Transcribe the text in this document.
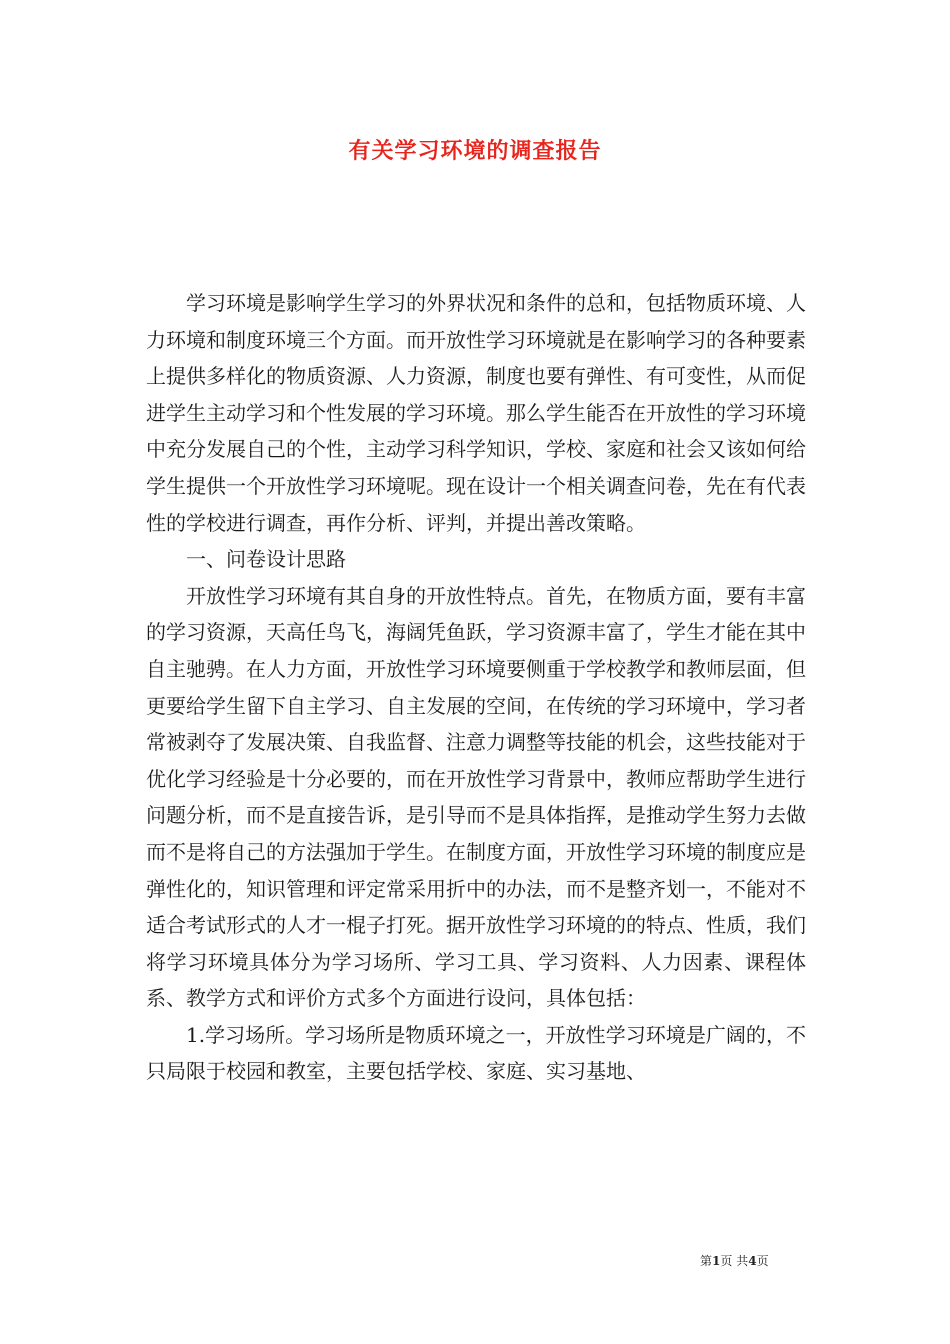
有关学习环境的调查报告

学习环境是影响学生学习的外界状况和条件的总和，包括物质环境、人力环境和制度环境三个方面。而开放性学习环境就是在影响学习的各种要素上提供多样化的物质资源、人力资源，制度也要有弹性、有可变性，从而促进学生主动学习和个性发展的学习环境。那么学生能否在开放性的学习环境中充分发展自己的个性，主动学习科学知识，学校、家庭和社会又该如何给学生提供一个开放性学习环境呢。现在设计一个相关调查问卷，先在有代表性的学校进行调查，再作分析、评判，并提出善改策略。

一、问卷设计思路

开放性学习环境有其自身的开放性特点。首先，在物质方面，要有丰富的学习资源，天高任鸟飞，海阔凭鱼跃，学习资源丰富了，学生才能在其中自主驰骋。在人力方面，开放性学习环境要侧重于学校教学和教师层面，但更要给学生留下自主学习、自主发展的空间，在传统的学习环境中，学习者常被剥夺了发展决策、自我监督、注意力调整等技能的机会，这些技能对于优化学习经验是十分必要的，而在开放性学习背景中，教师应帮助学生进行问题分析，而不是直接告诉，是引导而不是具体指挥，是推动学生努力去做而不是将自己的方法强加于学生。在制度方面，开放性学习环境的制度应是弹性化的，知识管理和评定常采用折中的办法，而不是整齐划一，不能对不适合考试形式的人才一棍子打死。据开放性学习环境的的特点、性质，我们将学习环境具体分为学习场所、学习工具、学习资料、人力因素、课程体系、教学方式和评价方式多个方面进行设问，具体包括：

1.学习场所。学习场所是物质环境之一，开放性学习环境是广阔的，不只局限于校园和教室，主要包括学校、家庭、实习基地、

第1页 共4页
